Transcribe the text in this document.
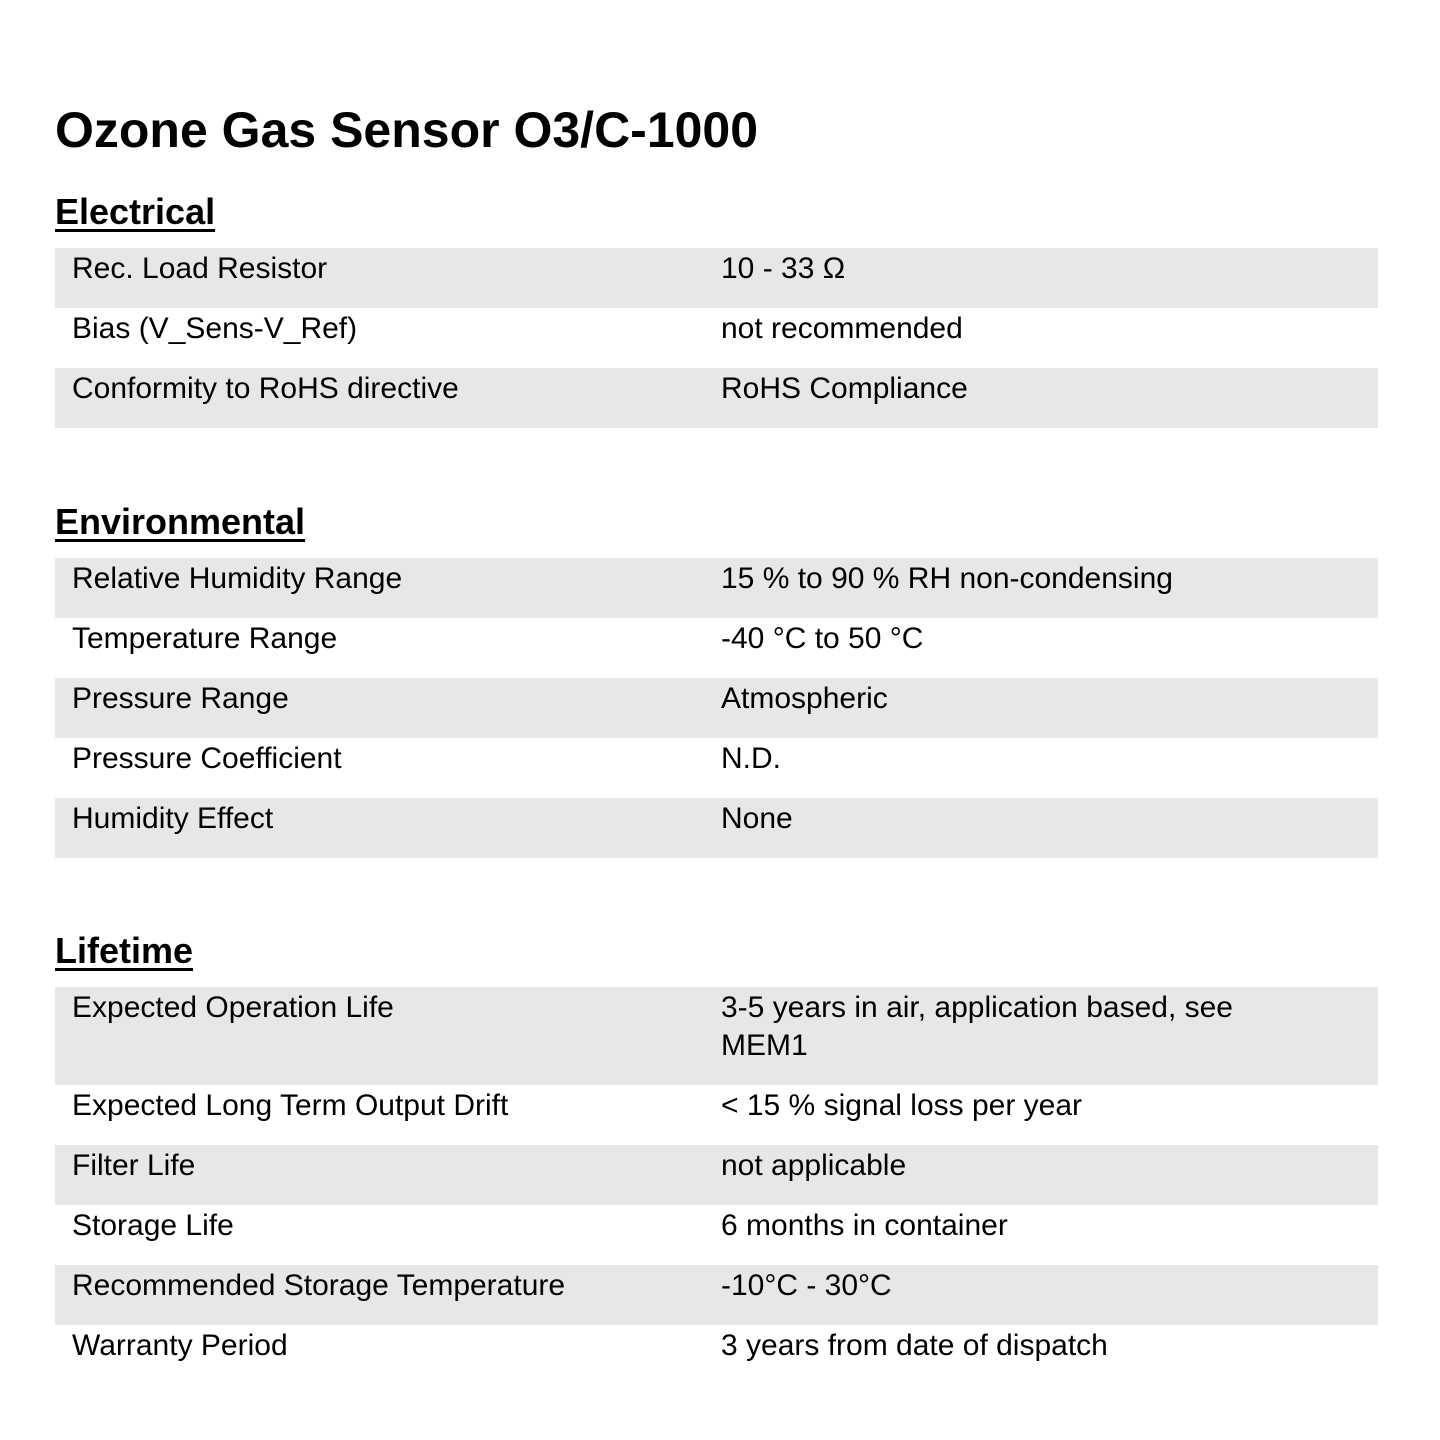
Ozone Gas Sensor O3/C-1000
Electrical
Rec. Load Resistor	10 - 33 Ω
Bias (V_Sens-V_Ref)	not recommended
Conformity to RoHS directive	RoHS Compliance
Environmental
Relative Humidity Range	15 % to 90 % RH non-condensing
Temperature Range	-40 °C to 50 °C
Pressure Range	Atmospheric
Pressure Coefficient	N.D.
Humidity Effect	None
Lifetime
Expected Operation Life	3-5 years in air, application based, see MEM1
Expected Long Term Output Drift	< 15 % signal loss per year
Filter Life	not applicable
Storage Life	6 months in container
Recommended Storage Temperature	-10°C - 30°C
Warranty Period	3 years from date of dispatch
